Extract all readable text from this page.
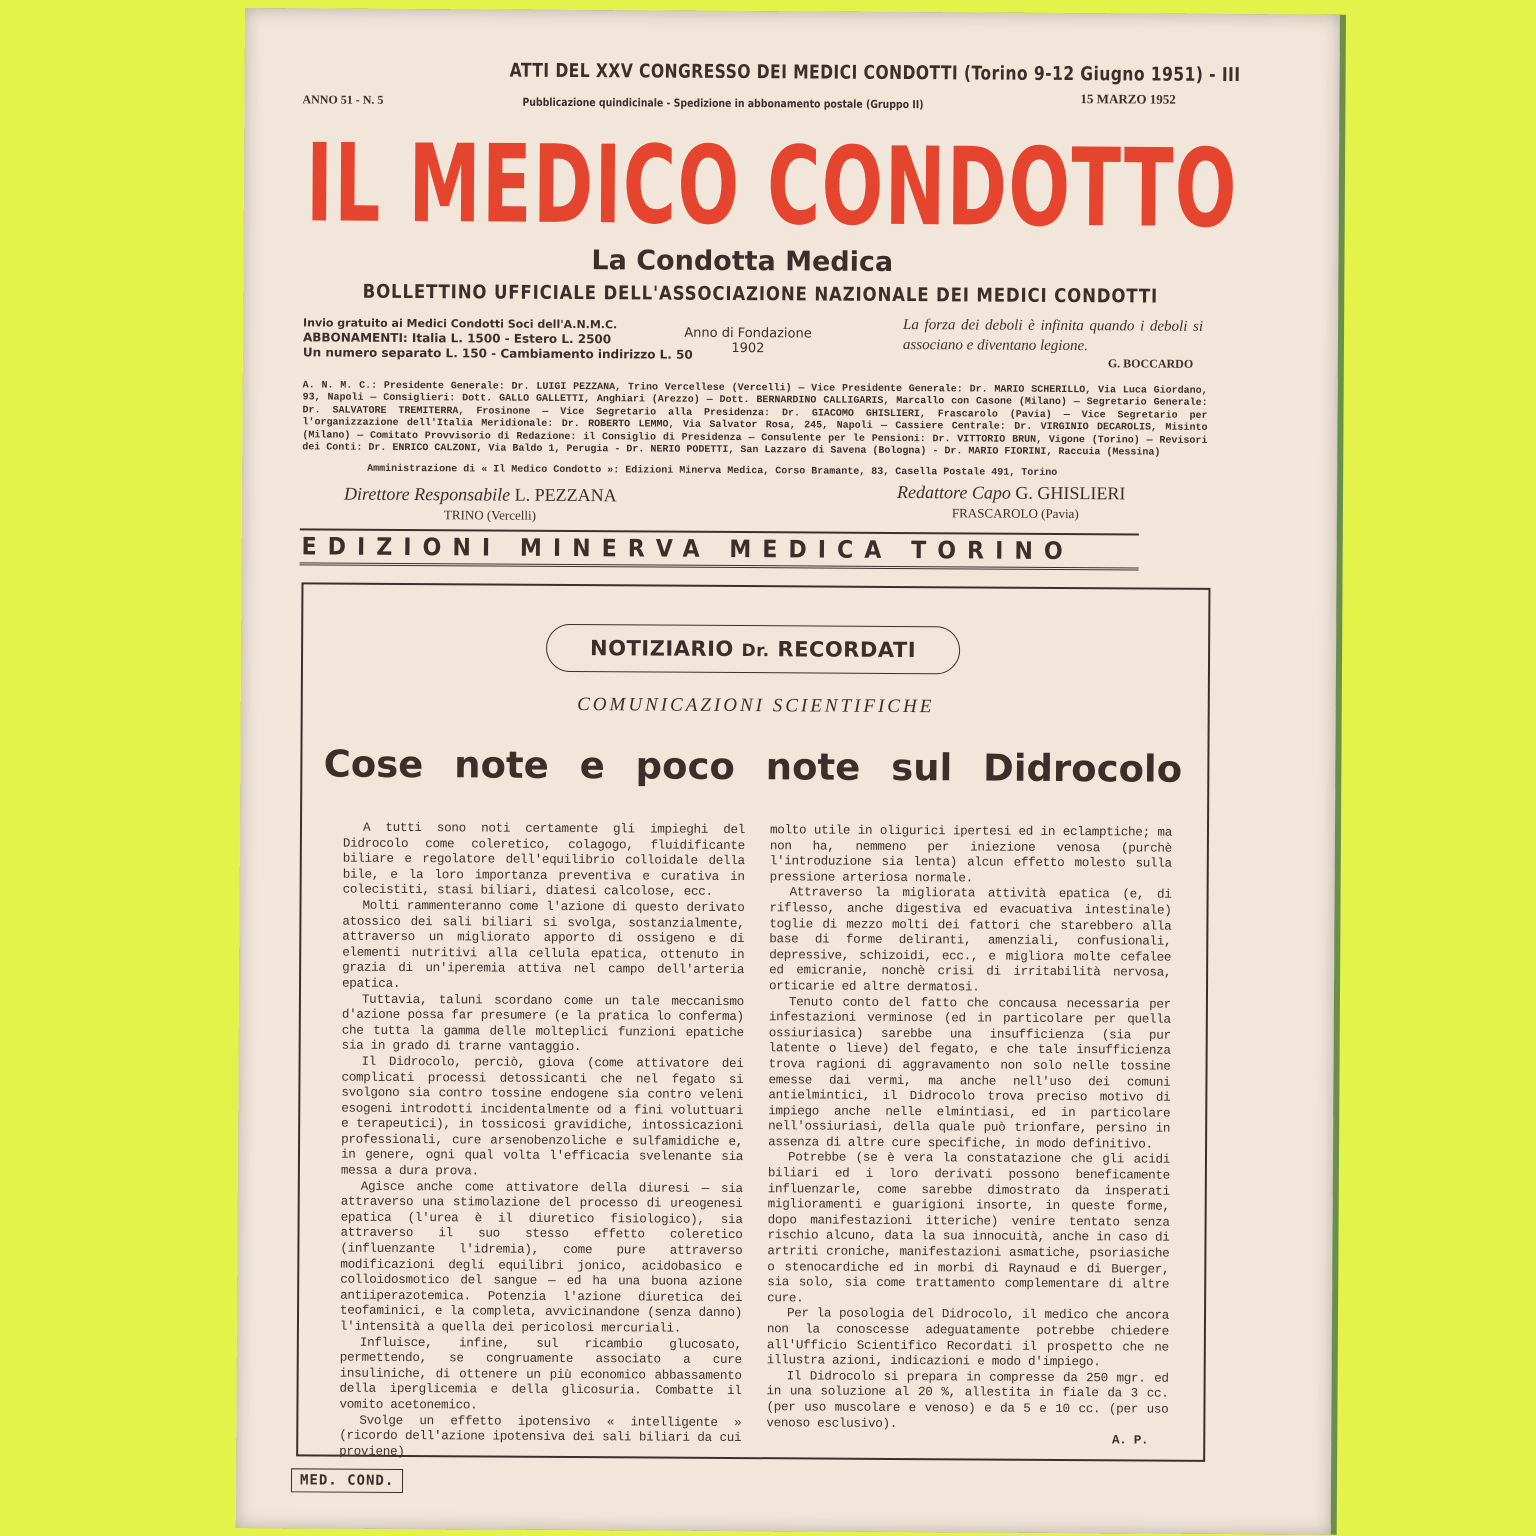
ANNO 51 - N. 5
ATTI DEL XXV CONGRESSO DEI MEDICI CONDOTTI (Torino 9-12 Giugno 1951) - III
Pubblicazione quindicinale - Spedizione in abbonamento postale (Gruppo II)	15 MARZO 1952
IL MEDICO CONDOTTO
La Condotta Medica
BOLLETTINO UFFICIALE DELL'ASSOCIAZIONE NAZIONALE DEI MEDICI CONDOTTI
Invio gratuito ai Medici Condotti Soci dell'A.N.M.C.
ABBONAMENTI: Italia L. 1500 - Estero L. 2500
Un numero separato L. 150 - Cambiamento indirizzo L. 50
Anno di Fondazione
1902
La forza dei deboli è infinita quando i deboli si associano e diventano legione.
G. BOCCARDO
A. N. M. C.: Presidente Generale: Dr. LUIGI PEZZANA, Trino Vercellese (Vercelli) — Vice Presidente Generale: Dr. MARIO SCHERILLO, Via Luca Giordano, 93, Napoli — Consiglieri: Dott. GALLO GALLETTI, Anghiari (Arezzo) — Dott. BERNARDINO CALLIGARIS, Marcallo con Casone (Milano) — Segretario Generale: Dr. SALVATORE TREMITERRA, Frosinone — Vice Segretario alla Presidenza: Dr. GIACOMO GHISLIERI, Frascarolo (Pavia) — Vice Segretario per l'organizzazione dell'Italia Meridionale: Dr. ROBERTO LEMMO, Via Salvator Rosa, 245, Napoli — Cassiere Centrale: Dr. VIRGINIO DECAROLIS, Misinto (Milano) — Comitato Provvisorio di Redazione: il Consiglio di Presidenza — Consulente per le Pensioni: Dr. VITTORIO BRUN, Vigone (Torino) — Revisori dei Conti: Dr. ENRICO CALZONI, Via Baldo 1, Perugia - Dr. NERIO PODETTI, San Lazzaro di Savena (Bologna) - Dr. MARIO FIORINI, Raccuia (Messina)
Amministrazione di « Il Medico Condotto »: Edizioni Minerva Medica, Corso Bramante, 83, Casella Postale 491, Torino
Direttore Responsabile L. PEZZANA
TRINO (Vercelli)
Redattore Capo G. GHISLIERI
FRASCAROLO (Pavia)
EDIZIONI MINERVA MEDICA TORINO
NOTIZIARIO Dr. RECORDATI
COMUNICAZIONI SCIENTIFICHE
Cose note e poco note sul Didrocolo

A tutti sono noti certamente gli impieghi del Didrocolo come coleretico, colagogo, fluidificante biliare e regolatore dell'equilibrio colloidale della bile, e la loro importanza preventiva e curativa in colecistiti, stasi biliari, diatesi calcolose, ecc.

Molti rammenteranno come l'azione di questo derivato atossico dei sali biliari si svolga, sostanzialmente, attraverso un migliorato apporto di ossigeno e di elementi nutritivi alla cellula epatica, ottenuto in grazia di un'iperemia attiva nel campo dell'arteria epatica.

Tuttavia, taluni scordano come un tale meccanismo d'azione possa far presumere (e la pratica lo conferma) che tutta la gamma delle molteplici funzioni epatiche sia in grado di trarne vantaggio.

Il Didrocolo, perciò, giova (come attivatore dei complicati processi detossicanti che nel fegato si svolgono sia contro tossine endogene sia contro veleni esogeni introdotti incidentalmente od a fini voluttuari e terapeutici), in tossicosi gravidiche, intossicazioni professionali, cure arsenobenzoliche e sulfamidiche e, in genere, ogni qual volta l'efficacia svelenante sia messa a dura prova.

Agisce anche come attivatore della diuresi — sia attraverso una stimolazione del processo di ureogenesi epatica (l'urea è il diuretico fisiologico), sia attraverso il suo stesso effetto coleretico (influenzante l'idremia), come pure attraverso modificazioni degli equilibri jonico, acidobasico e colloidosmotico del sangue — ed ha una buona azione antiiperazotemica. Potenzia l'azione diuretica dei teofaminici, e la completa, avvicinandone (senza danno) l'intensità a quella dei pericolosi mercuriali.

Influisce, infine, sul ricambio glucosato, permettendo, se congruamente associato a cure insuliniche, di ottenere un più economico abbassamento della iperglicemia e della glicosuria. Combatte il vomito acetonemico.

Svolge un effetto ipotensivo « intelligente » (ricordo dell'azione ipotensiva dei sali biliari da cui proviene)

molto utile in oligurici ipertesi ed in eclamptiche; ma non ha, nemmeno per iniezione venosa (purchè l'introduzione sia lenta) alcun effetto molesto sulla pressione arteriosa normale.

Attraverso la migliorata attività epatica (e, di riflesso, anche digestiva ed evacuativa intestinale) toglie di mezzo molti dei fattori che starebbero alla base di forme deliranti, amenziali, confusionali, depressive, schizoidi, ecc., e migliora molte cefalee ed emicranie, nonchè crisi di irritabilità nervosa, orticarie ed altre dermatosi.

Tenuto conto del fatto che concausa necessaria per infestazioni verminose (ed in particolare per quella ossiuriasica) sarebbe una insufficienza (sia pur latente o lieve) del fegato, e che tale insufficienza trova ragioni di aggravamento non solo nelle tossine emesse dai vermi, ma anche nell'uso dei comuni antielmintici, il Didrocolo trova preciso motivo di impiego anche nelle elmintiasi, ed in particolare nell'ossiuriasi, della quale può trionfare, persino in assenza di altre cure specifiche, in modo definitivo.

Potrebbe (se è vera la constatazione che gli acidi biliari ed i loro derivati possono beneficamente influenzarle, come sarebbe dimostrato da insperati miglioramenti e guarigioni insorte, in queste forme, dopo manifestazioni itteriche) venire tentato senza rischio alcuno, data la sua innocuità, anche in caso di artriti croniche, manifestazioni asmatiche, psoriasiche o stenocardiche ed in morbi di Raynaud e di Buerger, sia solo, sia come trattamento complementare di altre cure.

Per la posologia del Didrocolo, il medico che ancora non la conoscesse adeguatamente potrebbe chiedere all'Ufficio Scientifico Recordati il prospetto che ne illustra azioni, indicazioni e modo d'impiego.

Il Didrocolo si prepara in compresse da 250 mgr. ed in una soluzione al 20 %, allestita in fiale da 3 cc. (per uso muscolare e venoso) e da 5 e 10 cc. (per uso venoso esclusivo).

A. P.
MED. COND.
